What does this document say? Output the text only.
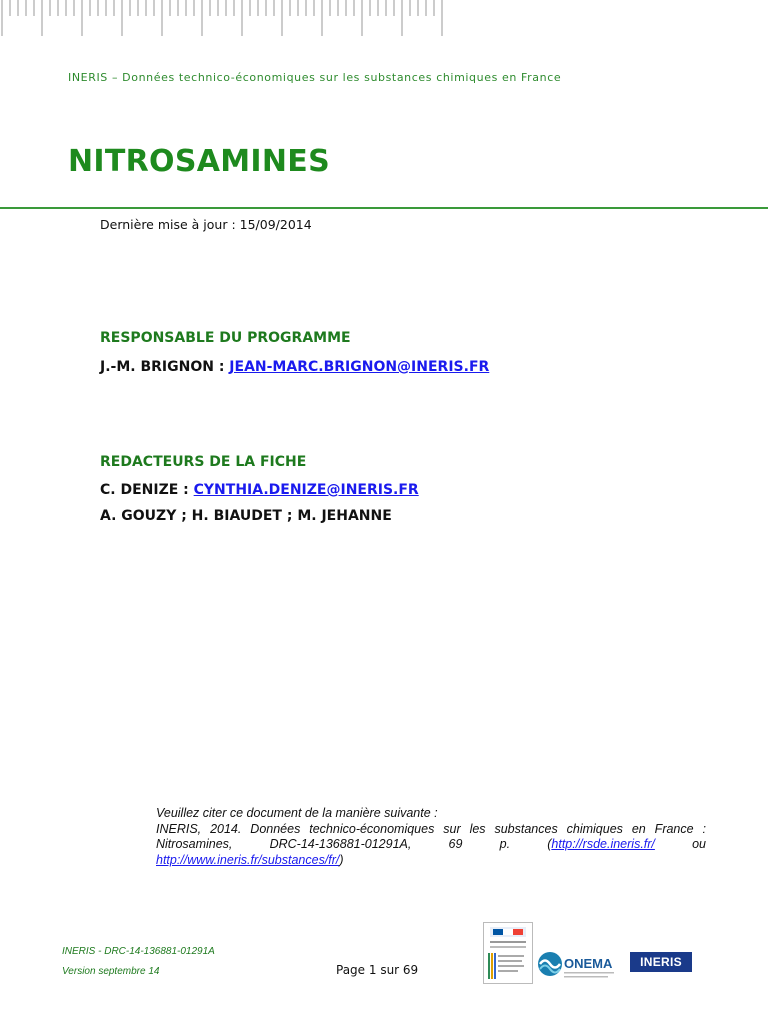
INERIS – Données technico-économiques sur les substances chimiques en France
NITROSAMINES
Dernière mise à jour : 15/09/2014
RESPONSABLE DU PROGRAMME
J.-M. BRIGNON : JEAN-MARC.BRIGNON@INERIS.FR
REDACTEURS DE LA FICHE
C. DENIZE : CYNTHIA.DENIZE@INERIS.FR
A. GOUZY ; H. BIAUDET ; M. JEHANNE
Veuillez citer ce document de la manière suivante :
INERIS, 2014. Données technico-économiques sur les substances chimiques en France : Nitrosamines, DRC-14-136881-01291A, 69 p. (http://rsde.ineris.fr/ ou http://www.ineris.fr/substances/fr/)
INERIS - DRC-14-136881-01291A
Version septembre 14	Page 1 sur 69	ONEMA	INERIS
